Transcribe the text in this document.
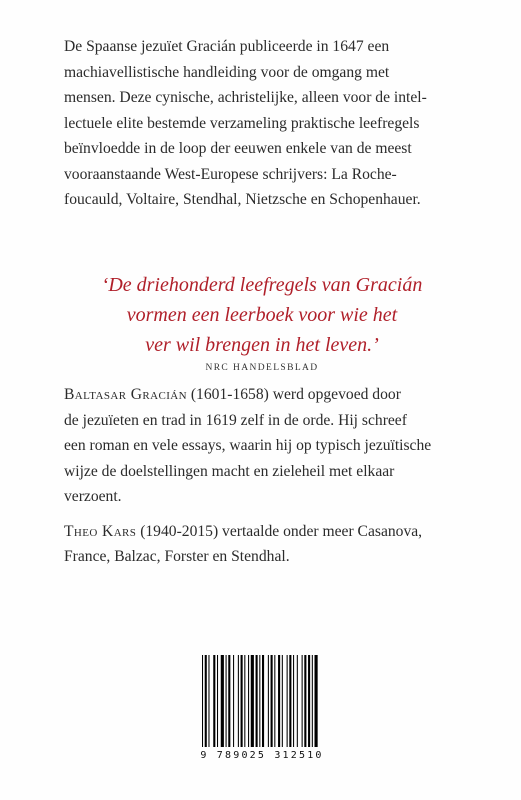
De Spaanse jezuïet Gracián publiceerde in 1647 een
machiavellistische handleiding voor de omgang met
mensen. Deze cynische, achristelijke, alleen voor de intel-
lectuele elite bestemde verzameling praktische leefregels
beïnvloedde in de loop der eeuwen enkele van de meest
vooraanstaande West-Europese schrijvers: La Roche-
foucauld, Voltaire, Stendhal, Nietzsche en Schopenhauer.
‘De driehonderd leefregels van Gracián
vormen een leerboek voor wie het
ver wil brengen in het leven.’
NRC HANDELSBLAD
Baltasar Gracián (1601-1658) werd opgevoed door
de jezuïeten en trad in 1619 zelf in de orde. Hij schreef
een roman en vele essays, waarin hij op typisch jezuïtische
wijze de doelstellingen macht en zieleheil met elkaar
verzoent.
Theo Kars (1940-2015) vertaalde onder meer Casanova,
France, Balzac, Forster en Stendhal.
9 789025 312510
